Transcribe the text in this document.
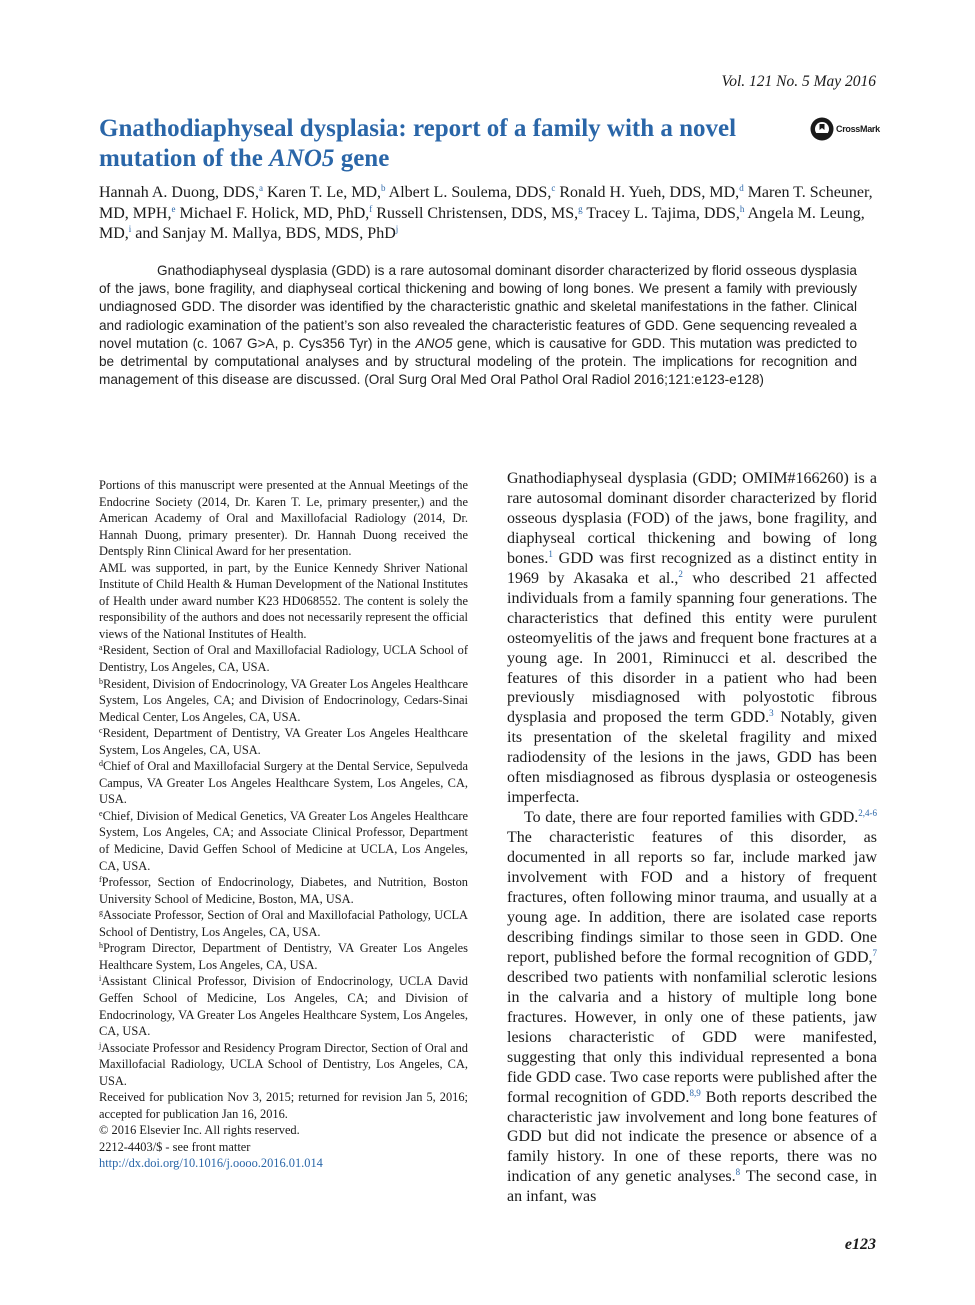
Vol. 121 No. 5 May 2016
Gnathodiaphyseal dysplasia: report of a family with a novel mutation of the ANO5 gene
CrossMark
Hannah A. Duong, DDS,$^a$ Karen T. Le, MD,$^b$ Albert L. Soulema, DDS,$^c$ Ronald H. Yueh, DDS, MD,$^d$ Maren T. Scheuner, MD, MPH,$^e$ Michael F. Holick, MD, PhD,$^f$ Russell Christensen, DDS, MS,$^g$ Tracey L. Tajima, DDS,$^h$ Angela M. Leung, MD,$^i$ and Sanjay M. Mallya, BDS, MDS, PhD$^j$

Gnathodiaphyseal dysplasia (GDD) is a rare autosomal dominant disorder characterized by florid osseous dysplasia of the jaws, bone fragility, and diaphyseal cortical thickening and bowing of long bones. We present a family with previously undiagnosed GDD. The disorder was identified by the characteristic gnathic and skeletal manifestations in the father. Clinical and radiologic examination of the patient’s son also revealed the characteristic features of GDD. Gene sequencing revealed a novel mutation (c. 1067 G>A, p. Cys356 Tyr) in the ANO5 gene, which is causative for GDD. This mutation was predicted to be detrimental by computational analyses and by structural modeling of the protein. The implications for recognition and management of this disease are discussed. (Oral Surg Oral Med Oral Pathol Oral Radiol 2016;121:e123-e128)

Portions of this manuscript were presented at the Annual Meetings of the Endocrine Society (2014, Dr. Karen T. Le, primary presenter,) and the American Academy of Oral and Maxillofacial Radiology (2014, Dr. Hannah Duong, primary presenter). Dr. Hannah Duong received the Dentsply Rinn Clinical Award for her presentation.

AML was supported, in part, by the Eunice Kennedy Shriver National Institute of Child Health & Human Development of the National Institutes of Health under award number K23 HD068552. The content is solely the responsibility of the authors and does not necessarily represent the official views of the National Institutes of Health.

$^a$Resident, Section of Oral and Maxillofacial Radiology, UCLA School of Dentistry, Los Angeles, CA, USA.

$^b$Resident, Division of Endocrinology, VA Greater Los Angeles Healthcare System, Los Angeles, CA; and Division of Endocrinology, Cedars-Sinai Medical Center, Los Angeles, CA, USA.

$^c$Resident, Department of Dentistry, VA Greater Los Angeles Healthcare System, Los Angeles, CA, USA.

$^d$Chief of Oral and Maxillofacial Surgery at the Dental Service, Sepulveda Campus, VA Greater Los Angeles Healthcare System, Los Angeles, CA, USA.

$^e$Chief, Division of Medical Genetics, VA Greater Los Angeles Healthcare System, Los Angeles, CA; and Associate Clinical Professor, Department of Medicine, David Geffen School of Medicine at UCLA, Los Angeles, CA, USA.

$^f$Professor, Section of Endocrinology, Diabetes, and Nutrition, Boston University School of Medicine, Boston, MA, USA.

$^g$Associate Professor, Section of Oral and Maxillofacial Pathology, UCLA School of Dentistry, Los Angeles, CA, USA.

$^h$Program Director, Department of Dentistry, VA Greater Los Angeles Healthcare System, Los Angeles, CA, USA.

$^i$Assistant Clinical Professor, Division of Endocrinology, UCLA David Geffen School of Medicine, Los Angeles, CA; and Division of Endocrinology, VA Greater Los Angeles Healthcare System, Los Angeles, CA, USA.

$^j$Associate Professor and Residency Program Director, Section of Oral and Maxillofacial Radiology, UCLA School of Dentistry, Los Angeles, CA, USA.

Received for publication Nov 3, 2015; returned for revision Jan 5, 2016; accepted for publication Jan 16, 2016.

© 2016 Elsevier Inc. All rights reserved.

2212-4403/$ - see front matter

http://dx.doi.org/10.1016/j.oooo.2016.01.014

Gnathodiaphyseal dysplasia (GDD; OMIM#166260) is a rare autosomal dominant disorder characterized by florid osseous dysplasia (FOD) of the jaws, bone fragility, and diaphyseal cortical thickening and bowing of long bones.$^1$ GDD was first recognized as a distinct entity in 1969 by Akasaka et al.,$^2$ who described 21 affected individuals from a family spanning four generations. The characteristics that defined this entity were purulent osteomyelitis of the jaws and frequent bone fractures at a young age. In 2001, Riminucci et al. described the features of this disorder in a patient who had been previously misdiagnosed with polyostotic fibrous dysplasia and proposed the term GDD.$^3$ Notably, given its presentation of the skeletal fragility and mixed radiodensity of the lesions in the jaws, GDD has been often misdiagnosed as fibrous dysplasia or osteogenesis imperfecta.

To date, there are four reported families with GDD.$^{2,4-6}$ The characteristic features of this disorder, as documented in all reports so far, include marked jaw involvement with FOD and a history of frequent fractures, often following minor trauma, and usually at a young age. In addition, there are isolated case reports describing findings similar to those seen in GDD. One report, published before the formal recognition of GDD,$^7$ described two patients with nonfamilial sclerotic lesions in the calvaria and a history of multiple long bone fractures. However, in only one of these patients, jaw lesions characteristic of GDD were manifested, suggesting that only this individual represented a bona fide GDD case. Two case reports were published after the formal recognition of GDD.$^{8,9}$ Both reports described the characteristic jaw involvement and long bone features of GDD but did not indicate the presence or absence of a family history. In one of these reports, there was no indication of any genetic analyses.$^8$ The second case, in an infant, was

e123
